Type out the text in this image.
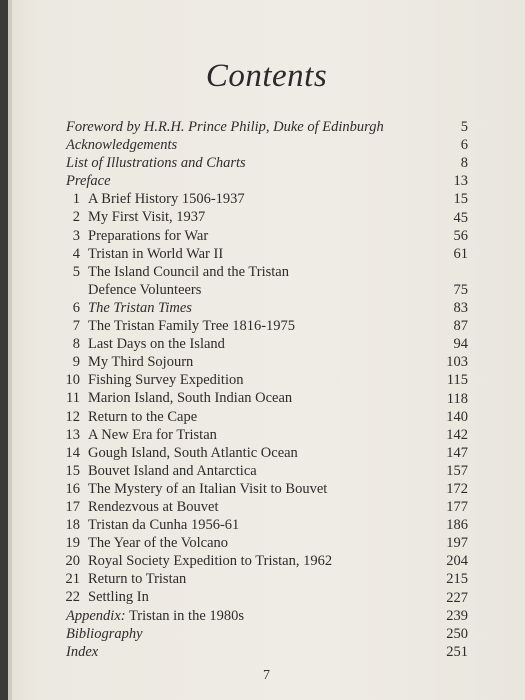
Contents
Foreword by H.R.H. Prince Philip, Duke of Edinburgh	5
Acknowledgements	6
List of Illustrations and Charts	8
Preface	13
1 A Brief History 1506-1937	15
2 My First Visit, 1937	45
3 Preparations for War	56
4 Tristan in World War II	61
5 The Island Council and the Tristan
Defence Volunteers	75
6 The Tristan Times	83
7 The Tristan Family Tree 1816-1975	87
8 Last Days on the Island	94
9 My Third Sojourn	103
10 Fishing Survey Expedition	115
11 Marion Island, South Indian Ocean	118
12 Return to the Cape	140
13 A New Era for Tristan	142
14 Gough Island, South Atlantic Ocean	147
15 Bouvet Island and Antarctica	157
16 The Mystery of an Italian Visit to Bouvet	172
17 Rendezvous at Bouvet	177
18 Tristan da Cunha 1956-61	186
19 The Year of the Volcano	197
20 Royal Society Expedition to Tristan, 1962	204
21 Return to Tristan	215
22 Settling In	227
Appendix: Tristan in the 1980s	239
Bibliography	250
Index	251
7
